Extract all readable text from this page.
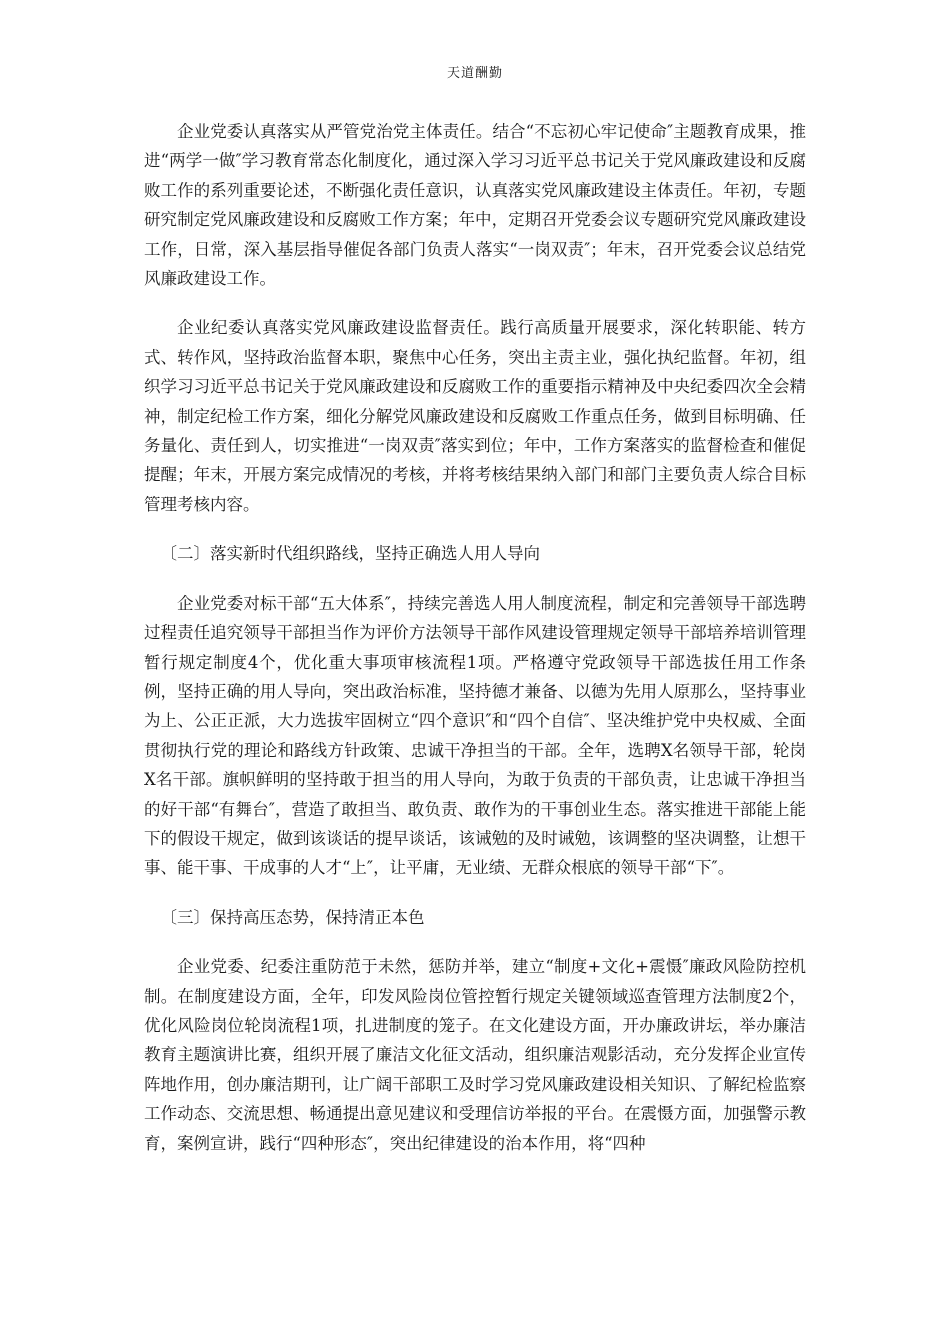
天道酬勤

企业党委认真落实从严管党治党主体责任。结合“不忘初心牢记使命″主题教育成果，推进“两学一做″学习教育常态化制度化，通过深入学习习近平总书记关于党风廉政建设和反腐败工作的系列重要论述，不断强化责任意识，认真落实党风廉政建设主体责任。年初，专题研究制定党风廉政建设和反腐败工作方案；年中，定期召开党委会议专题研究党风廉政建设工作，日常，深入基层指导催促各部门负责人落实“一岗双责″；年末，召开党委会议总结党风廉政建设工作。

企业纪委认真落实党风廉政建设监督责任。践行高质量开展要求，深化转职能、转方式、转作风，坚持政治监督本职，聚焦中心任务，突出主责主业，强化执纪监督。年初，组织学习习近平总书记关于党风廉政建设和反腐败工作的重要指示精神及中央纪委四次全会精神，制定纪检工作方案，细化分解党风廉政建设和反腐败工作重点任务，做到目标明确、任务量化、责任到人，切实推进“一岗双责″落实到位；年中，工作方案落实的监督检查和催促提醒；年末，开展方案完成情况的考核，并将考核结果纳入部门和部门主要负责人综合目标管理考核内容。

〔二〕落实新时代组织路线，坚持正确选人用人导向

企业党委对标干部“五大体系″，持续完善选人用人制度流程，制定和完善领导干部选聘过程责任追究领导干部担当作为评价方法领导干部作风建设管理规定领导干部培养培训管理暂行规定制度4个，优化重大事项审核流程1项。严格遵守党政领导干部选拔任用工作条例，坚持正确的用人导向，突出政治标准，坚持德才兼备、以德为先用人原那么，坚持事业为上、公正正派，大力选拔牢固树立“四个意识″和“四个自信″、坚决维护党中央权威、全面贯彻执行党的理论和路线方针政策、忠诚干净担当的干部。全年，选聘X名领导干部，轮岗X名干部。旗帜鲜明的坚持敢于担当的用人导向，为敢于负责的干部负责，让忠诚干净担当的好干部“有舞台″，营造了敢担当、敢负责、敢作为的干事创业生态。落实推进干部能上能下的假设干规定，做到该谈话的提早谈话，该诫勉的及时诫勉，该调整的坚决调整，让想干事、能干事、干成事的人才“上″，让平庸，无业绩、无群众根底的领导干部“下″。

〔三〕保持高压态势，保持清正本色

企业党委、纪委注重防范于未然，惩防并举，建立“制度+文化+震慑″廉政风险防控机制。在制度建设方面，全年，印发风险岗位管控暂行规定关键领域巡查管理方法制度2个，优化风险岗位轮岗流程1项，扎进制度的笼子。在文化建设方面，开办廉政讲坛，举办廉洁教育主题演讲比赛，组织开展了廉洁文化征文活动，组织廉洁观影活动，充分发挥企业宣传阵地作用，创办廉洁期刊，让广阔干部职工及时学习党风廉政建设相关知识、了解纪检监察工作动态、交流思想、畅通提出意见建议和受理信访举报的平台。在震慑方面，加强警示教育，案例宣讲，践行“四种形态″，突出纪律建设的治本作用，将“四种
